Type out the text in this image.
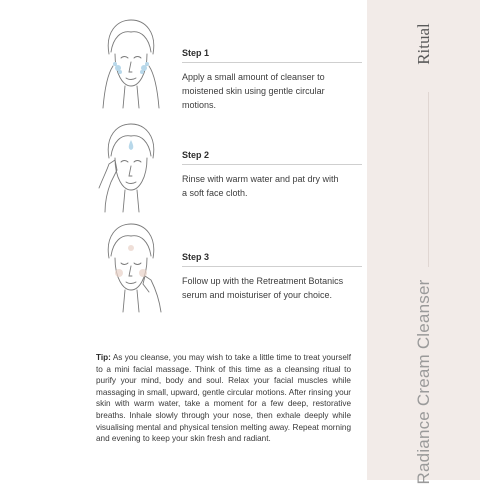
Ritual
Radiance Cream Cleanser
Step 1
Apply a small amount of cleanser to
moistened skin using gentle circular
motions.
Step 2
Rinse with warm water and pat dry with
a soft face cloth.
Step 3
Follow up with the Retreatment Botanics
serum and moisturiser of your choice.
Tip: As you cleanse, you may wish to take a little time to treat yourself to a mini facial massage. Think of this time as a cleansing ritual to purify your mind, body and soul. Relax your facial muscles while massaging in small, upward, gentle circular motions. After rinsing your skin with warm water, take a moment for a few deep, restorative breaths. Inhale slowly through your nose, then exhale deeply while visualising mental and physical tension melting away. Repeat morning and evening to keep your skin fresh and radiant.
